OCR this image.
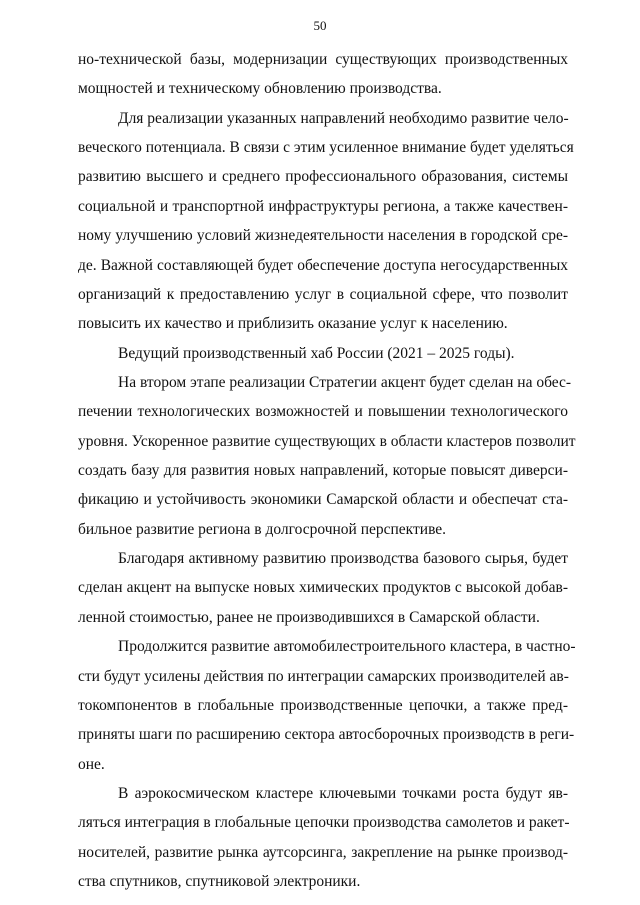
50
но-технической базы, модернизации существующих производственных
мощностей и техническому обновлению производства.
Для реализации указанных направлений необходимо развитие чело-
веческого потенциала. В связи с этим усиленное внимание будет уделяться
развитию высшего и среднего профессионального образования, системы
социальной и транспортной инфраструктуры региона, а также качествен-
ному улучшению условий жизнедеятельности населения в городской сре-
де. Важной составляющей будет обеспечение доступа негосударственных
организаций к предоставлению услуг в социальной сфере, что позволит
повысить их качество и приблизить оказание услуг к населению.
Ведущий производственный хаб России (2021 – 2025 годы).
На втором этапе реализации Стратегии акцент будет сделан на обес-
печении технологических возможностей и повышении технологического
уровня. Ускоренное развитие существующих в области кластеров позволит
создать базу для развития новых направлений, которые повысят диверси-
фикацию и устойчивость экономики Самарской области и обеспечат ста-
бильное развитие региона в долгосрочной перспективе.
Благодаря активному развитию производства базового сырья, будет
сделан акцент на выпуске новых химических продуктов с высокой добав-
ленной стоимостью, ранее не производившихся в Самарской области.
Продолжится развитие автомобилестроительного кластера, в частно-
сти будут усилены действия по интеграции самарских производителей ав-
токомпонентов в глобальные производственные цепочки, а также пред-
приняты шаги по расширению сектора автосборочных производств в реги-
оне.
В аэрокосмическом кластере ключевыми точками роста будут яв-
ляться интеграция в глобальные цепочки производства самолетов и ракет-
носителей, развитие рынка аутсорсинга, закрепление на рынке производ-
ства спутников, спутниковой электроники.
